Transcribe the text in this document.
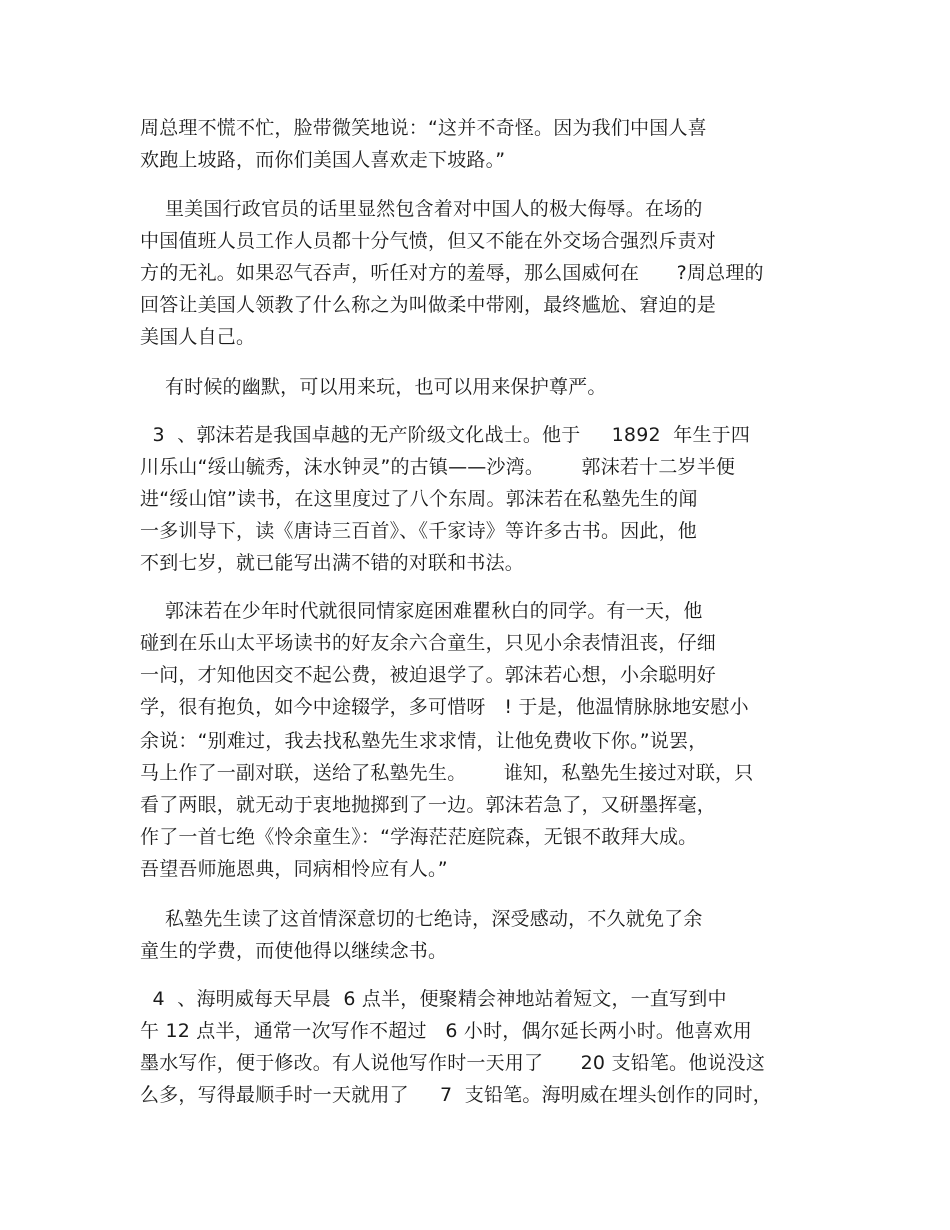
周总理不慌不忙，脸带微笑地说：“这并不奇怪。因为我们中国人喜
欢跑上坡路，而你们美国人喜欢走下坡路。”
里美国行政官员的话里显然包含着对中国人的极大侮辱。在场的
中国值班人员工作人员都十分气愤，但又不能在外交场合强烈斥责对
方的无礼。如果忍气吞声，听任对方的羞辱，那么国威何在      ?周总理的
回答让美国人领教了什么称之为叫做柔中带刚，最终尴尬、窘迫的是
美国人自己。
有时候的幽默，可以用来玩，也可以用来保护尊严。
3  、郭沫若是我国卓越的无产阶级文化战士。他于     1892  年生于四
川乐山“绥山毓秀，沫水钟灵”的古镇——沙湾。      郭沫若十二岁半便
进“绥山馆”读书，在这里度过了八个东周。郭沫若在私塾先生的闻
一多训导下，读《唐诗三百首》、《千家诗》等许多古书。因此，他
不到七岁，就已能写出满不错的对联和书法。
郭沫若在少年时代就很同情家庭困难瞿秋白的同学。有一天，他
碰到在乐山太平场读书的好友余六合童生，只见小余表情沮丧，仔细
一问，才知他因交不起公费，被迫退学了。郭沫若心想，小余聪明好
学，很有抱负，如今中途辍学，多可惜呀   ! 于是，他温情脉脉地安慰小
余说：“别难过，我去找私塾先生求求情，让他免费收下你。”说罢，
马上作了一副对联，送给了私塾先生。      谁知，私塾先生接过对联，只
看了两眼，就无动于衷地抛掷到了一边。郭沫若急了，又研墨挥毫，
作了一首七绝《怜余童生》：“学海茫茫庭院森，无银不敢拜大成。
吾望吾师施恩典，同病相怜应有人。”
私塾先生读了这首情深意切的七绝诗，深受感动，不久就免了余
童生的学费，而使他得以继续念书。
4  、海明威每天早晨  6 点半，便聚精会神地站着短文，一直写到中
午 12 点半，通常一次写作不超过   6 小时，偶尔延长两小时。他喜欢用
墨水写作，便于修改。有人说他写作时一天用了      20 支铅笔。他说没这
么多，写得最顺手时一天就用了     7  支铅笔。海明威在埋头创作的同时，
